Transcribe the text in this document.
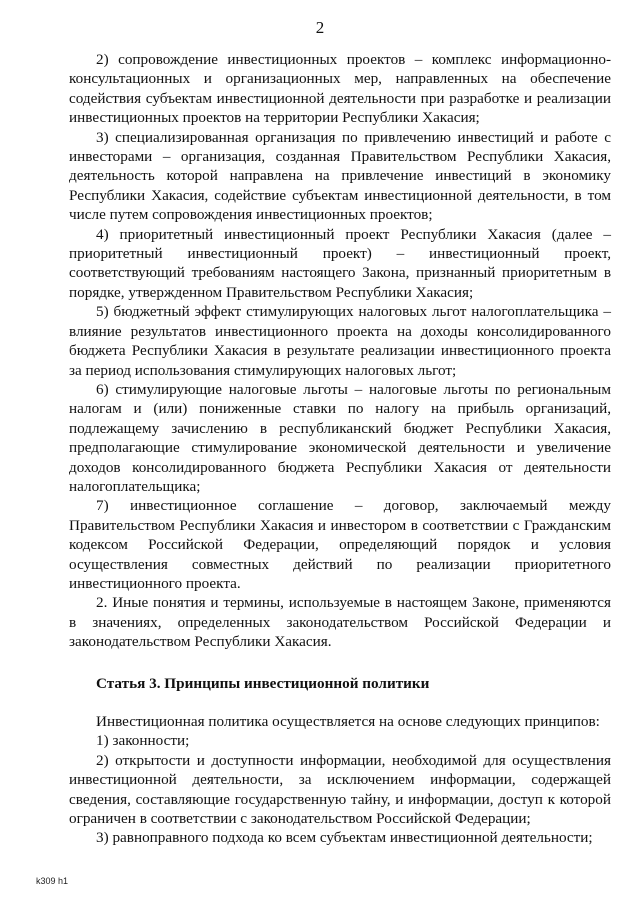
2

2) сопровождение инвестиционных проектов – комплекс информационно-консультационных и организационных мер, направленных на обеспечение содействия субъектам инвестиционной деятельности при разработке и реализации инвестиционных проектов на территории Республики Хакасия;

3) специализированная организация по привлечению инвестиций и работе с инвесторами – организация, созданная Правительством Республики Хакасия, деятельность которой направлена на привлечение инвестиций в экономику Республики Хакасия, содействие субъектам инвестиционной деятельности, в том числе путем сопровождения инвестиционных проектов;

4) приоритетный инвестиционный проект Республики Хакасия (далее – приоритетный инвестиционный проект) – инвестиционный проект, соответствующий требованиям настоящего Закона, признанный приоритетным в порядке, утвержденном Правительством Республики Хакасия;

5) бюджетный эффект стимулирующих налоговых льгот налогоплательщика – влияние результатов инвестиционного проекта на доходы консолидированного бюджета Республики Хакасия в результате реализации инвестиционного проекта за период использования стимулирующих налоговых льгот;

6) стимулирующие налоговые льготы – налоговые льготы по региональным налогам и (или) пониженные ставки по налогу на прибыль организаций, подлежащему зачислению в республиканский бюджет Республики Хакасия, предполагающие стимулирование экономической деятельности и увеличение доходов консолидированного бюджета Республики Хакасия от деятельности налогоплательщика;

7) инвестиционное соглашение – договор, заключаемый между Правительством Республики Хакасия и инвестором в соответствии с Гражданским кодексом Российской Федерации, определяющий порядок и условия осуществления совместных действий по реализации приоритетного инвестиционного проекта.

2. Иные понятия и термины, используемые в настоящем Законе, применяются в значениях, определенных законодательством Российской Федерации и законодательством Республики Хакасия.

Статья 3. Принципы инвестиционной политики

Инвестиционная политика осуществляется на основе следующих принципов:

1) законности;

2) открытости и доступности информации, необходимой для осуществления инвестиционной деятельности, за исключением информации, содержащей сведения, составляющие государственную тайну, и информации, доступ к которой ограничен в соответствии с законодательством Российской Федерации;

3) равноправного подхода ко всем субъектам инвестиционной деятельности;

k309 h1
